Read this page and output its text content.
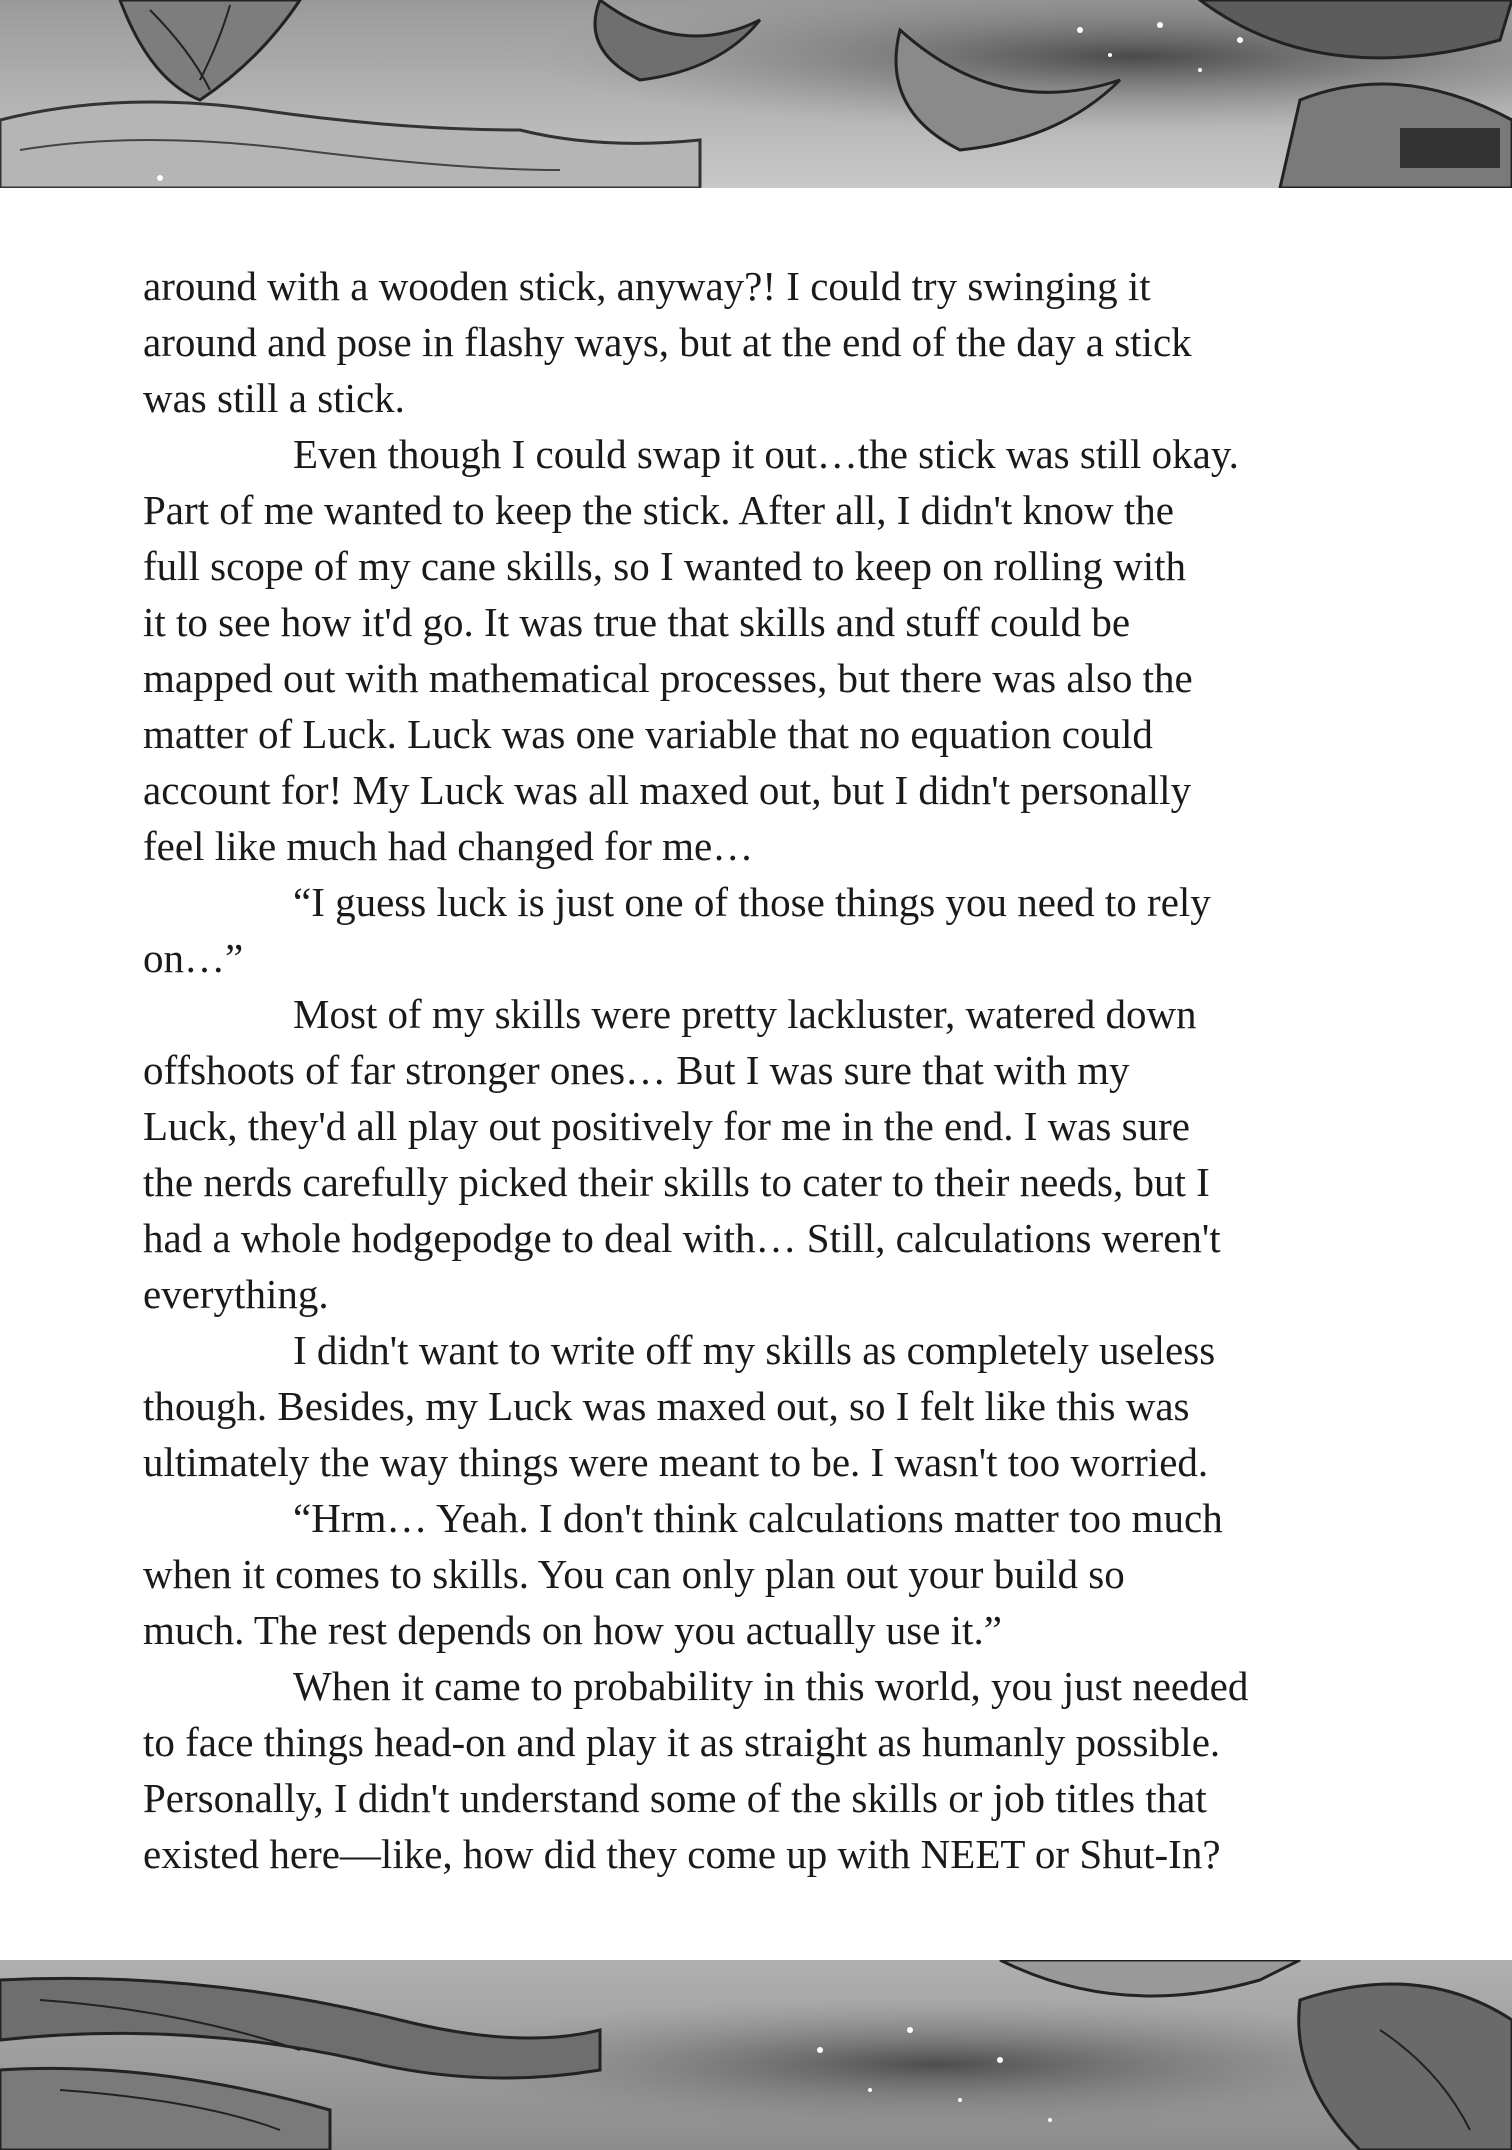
around with a wooden stick, anyway?! I could try swinging it
around and pose in flashy ways, but at the end of the day a stick
was still a stick.
Even though I could swap it out…the stick was still okay.
Part of me wanted to keep the stick. After all, I didn't know the
full scope of my cane skills, so I wanted to keep on rolling with
it to see how it'd go. It was true that skills and stuff could be
mapped out with mathematical processes, but there was also the
matter of Luck. Luck was one variable that no equation could
account for! My Luck was all maxed out, but I didn't personally
feel like much had changed for me…
“I guess luck is just one of those things you need to rely
on…”
Most of my skills were pretty lackluster, watered down
offshoots of far stronger ones… But I was sure that with my
Luck, they'd all play out positively for me in the end. I was sure
the nerds carefully picked their skills to cater to their needs, but I
had a whole hodgepodge to deal with… Still, calculations weren't
everything.
I didn't want to write off my skills as completely useless
though. Besides, my Luck was maxed out, so I felt like this was
ultimately the way things were meant to be. I wasn't too worried.
“Hrm… Yeah. I don't think calculations matter too much
when it comes to skills. You can only plan out your build so
much. The rest depends on how you actually use it.”
When it came to probability in this world, you just needed
to face things head-on and play it as straight as humanly possible.
Personally, I didn't understand some of the skills or job titles that
existed here—like, how did they come up with NEET or Shut-In?
